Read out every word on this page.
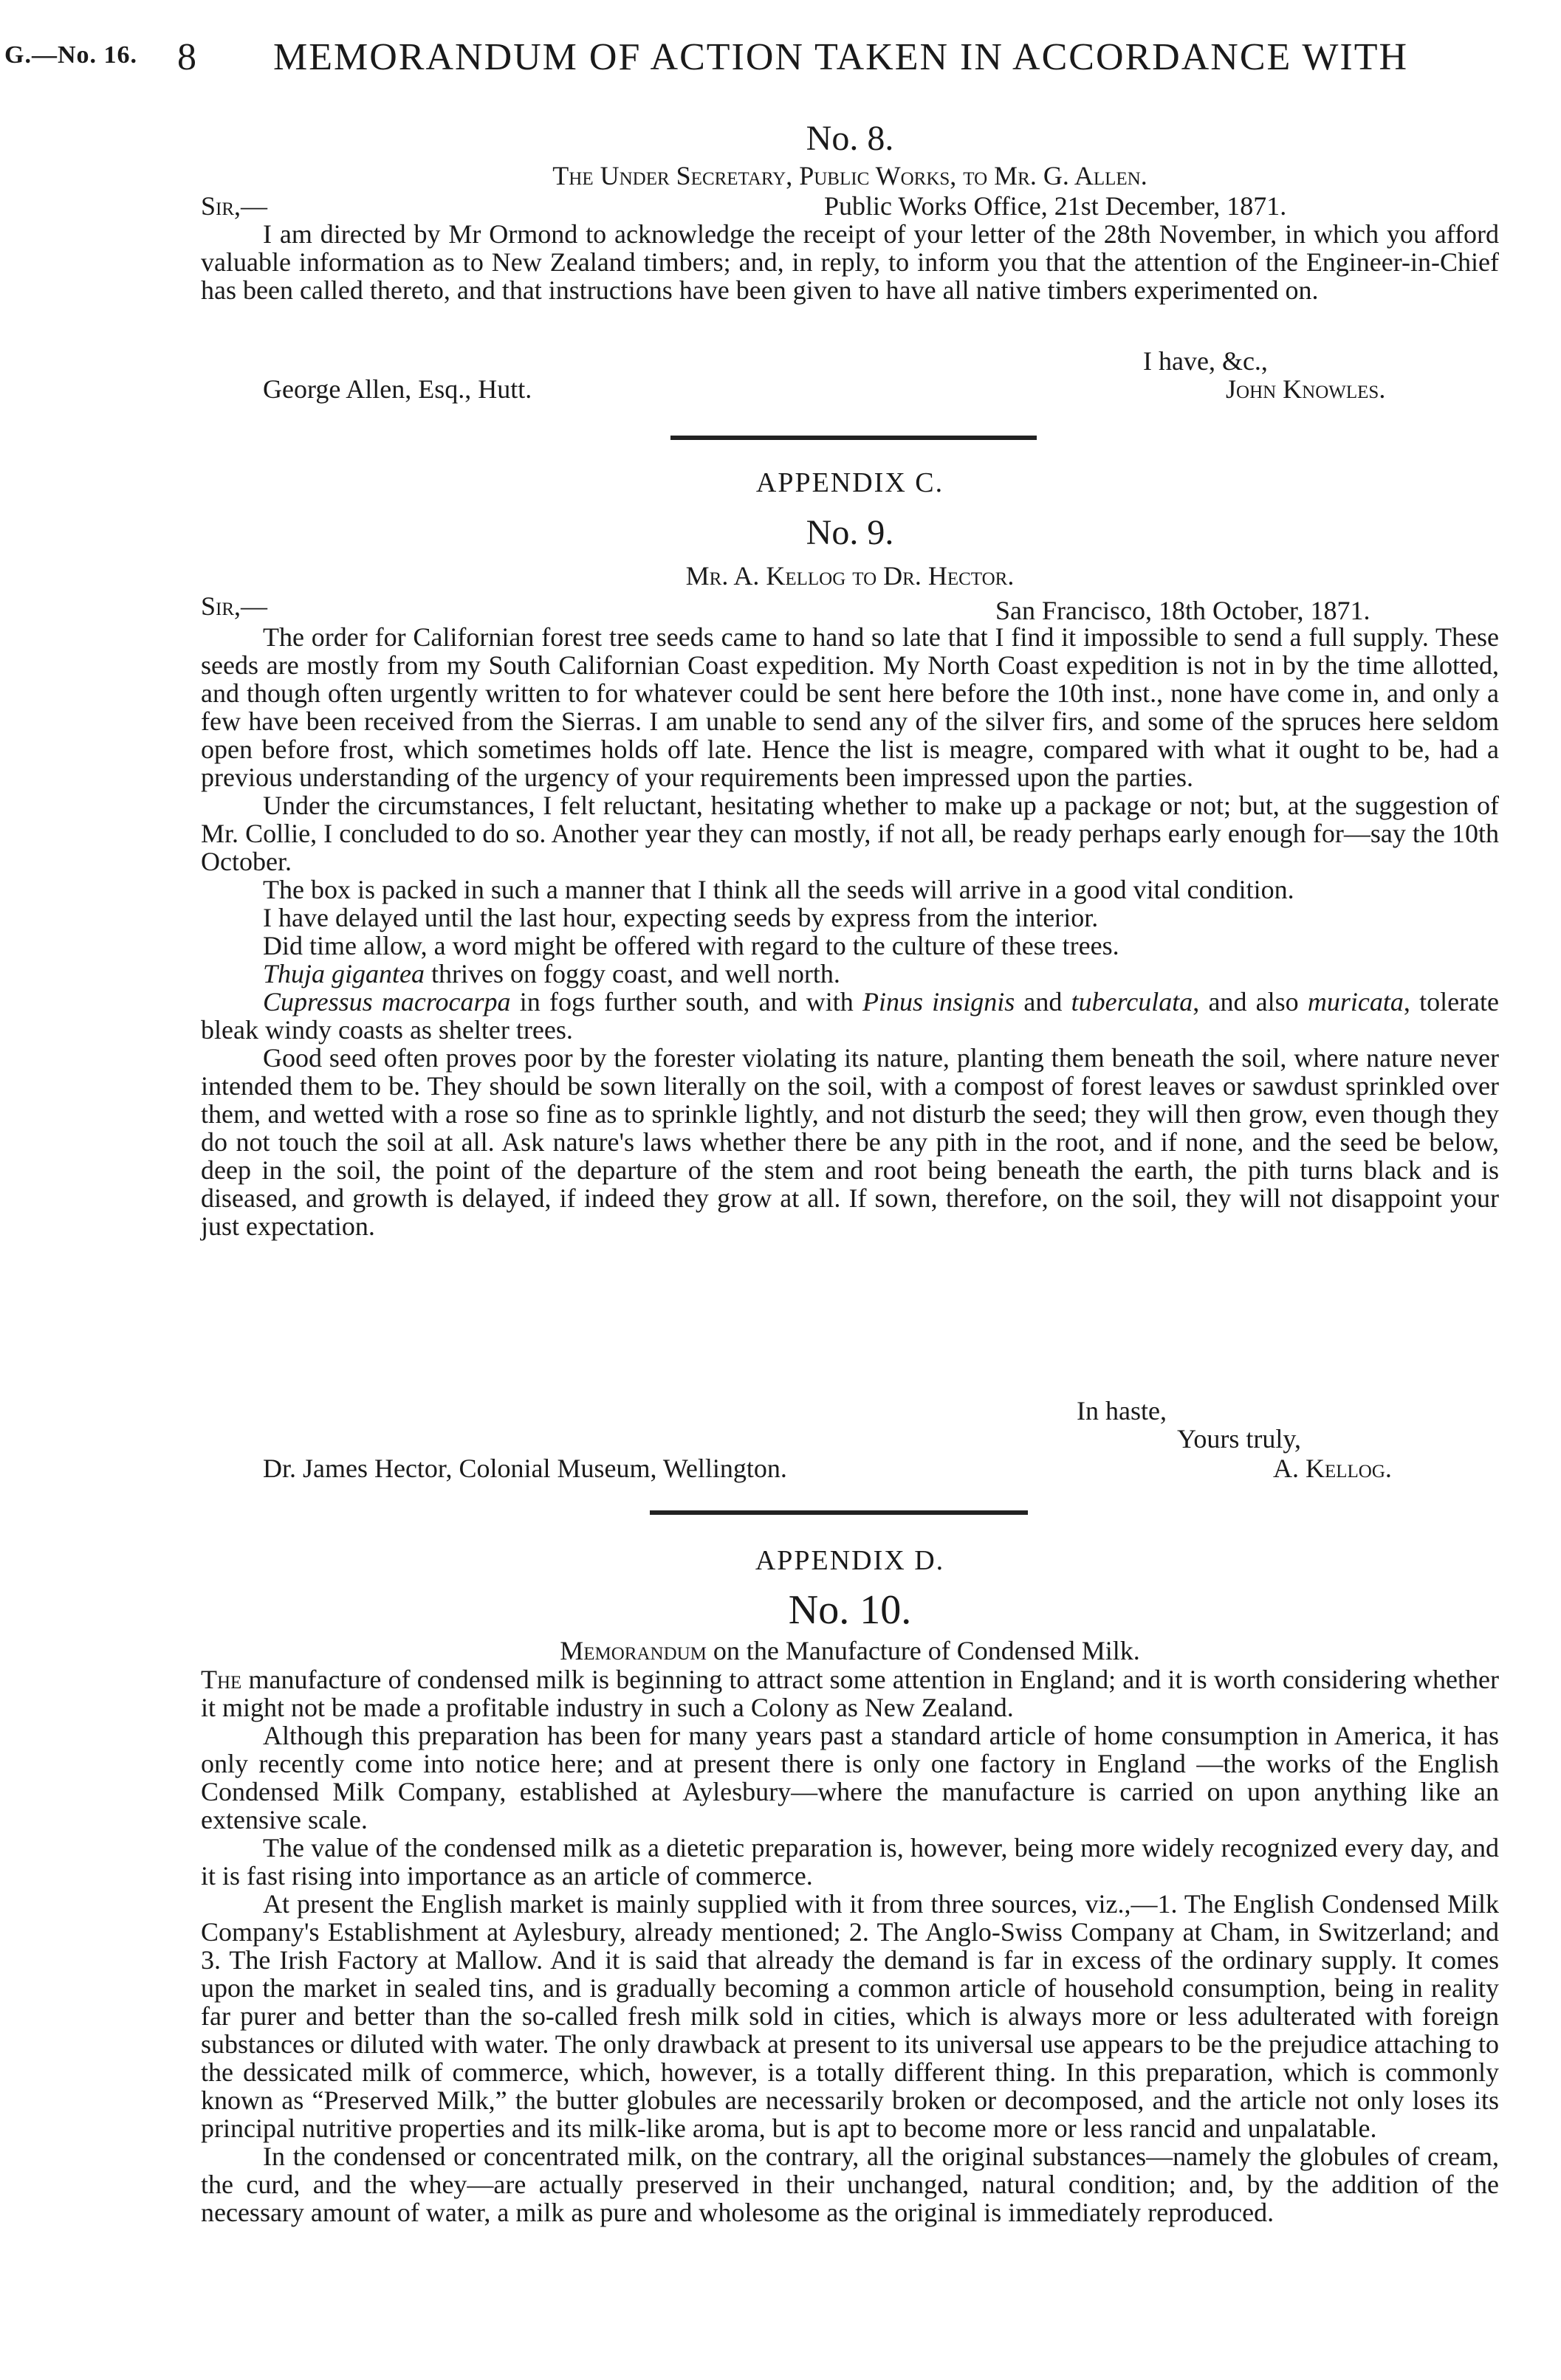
G.—No. 16. 8 MEMORANDUM OF ACTION TAKEN IN ACCORDANCE WITH
No. 8.
The Under Secretary, Public Works, to Mr. G. Allen.
Sir,—	Public Works Office, 21st December, 1871.

I am directed by Mr Ormond to acknowledge the receipt of your letter of the 28th November, in which you afford valuable information as to New Zealand timbers; and, in reply, to inform you that the attention of the Engineer-in-Chief has been called thereto, and that instructions have been given to have all native timbers experimented on.

I have, &c.,
George Allen, Esq., Hutt.	John Knowles.
APPENDIX C.
No. 9.
Mr. A. Kellog to Dr. Hector.
Sir,—	San Francisco, 18th October, 1871.

The order for Californian forest tree seeds came to hand so late that I find it impossible to send a full supply. These seeds are mostly from my South Californian Coast expedition. My North Coast expedition is not in by the time allotted, and though often urgently written to for whatever could be sent here before the 10th inst., none have come in, and only a few have been received from the Sierras. I am unable to send any of the silver firs, and some of the spruces here seldom open before frost, which sometimes holds off late. Hence the list is meagre, compared with what it ought to be, had a previous understanding of the urgency of your requirements been impressed upon the parties.

Under the circumstances, I felt reluctant, hesitating whether to make up a package or not; but, at the suggestion of Mr. Collie, I concluded to do so. Another year they can mostly, if not all, be ready perhaps early enough for—say the 10th October.

The box is packed in such a manner that I think all the seeds will arrive in a good vital condition.

I have delayed until the last hour, expecting seeds by express from the interior.

Did time allow, a word might be offered with regard to the culture of these trees.

Thuja gigantea thrives on foggy coast, and well north.

Cupressus macrocarpa in fogs further south, and with Pinus insignis and tuberculata, and also muricata, tolerate bleak windy coasts as shelter trees.

Good seed often proves poor by the forester violating its nature, planting them beneath the soil, where nature never intended them to be. They should be sown literally on the soil, with a compost of forest leaves or sawdust sprinkled over them, and wetted with a rose so fine as to sprinkle lightly, and not disturb the seed; they will then grow, even though they do not touch the soil at all. Ask nature's laws whether there be any pith in the root, and if none, and the seed be below, deep in the soil, the point of the departure of the stem and root being beneath the earth, the pith turns black and is diseased, and growth is delayed, if indeed they grow at all. If sown, therefore, on the soil, they will not disappoint your just expectation.

In haste,
Yours truly,
Dr. James Hector, Colonial Museum, Wellington.	A. Kellog.
APPENDIX D.
No. 10.
Memorandum on the Manufacture of Condensed Milk.

The manufacture of condensed milk is beginning to attract some attention in England; and it is worth considering whether it might not be made a profitable industry in such a Colony as New Zealand.

Although this preparation has been for many years past a standard article of home consumption in America, it has only recently come into notice here; and at present there is only one factory in England —the works of the English Condensed Milk Company, established at Aylesbury—where the manufacture is carried on upon anything like an extensive scale.

The value of the condensed milk as a dietetic preparation is, however, being more widely recognized every day, and it is fast rising into importance as an article of commerce.

At present the English market is mainly supplied with it from three sources, viz.,—1. The English Condensed Milk Company's Establishment at Aylesbury, already mentioned; 2. The Anglo-Swiss Company at Cham, in Switzerland; and 3. The Irish Factory at Mallow. And it is said that already the demand is far in excess of the ordinary supply. It comes upon the market in sealed tins, and is gradually becoming a common article of household consumption, being in reality far purer and better than the so-called fresh milk sold in cities, which is always more or less adulterated with foreign substances or diluted with water. The only drawback at present to its universal use appears to be the prejudice attaching to the dessicated milk of commerce, which, however, is a totally different thing. In this preparation, which is commonly known as “Preserved Milk,” the butter globules are necessarily broken or decomposed, and the article not only loses its principal nutritive properties and its milk-like aroma, but is apt to become more or less rancid and unpalatable.

In the condensed or concentrated milk, on the contrary, all the original substances—namely the globules of cream, the curd, and the whey—are actually preserved in their unchanged, natural condition; and, by the addition of the necessary amount of water, a milk as pure and wholesome as the original is immediately reproduced.
